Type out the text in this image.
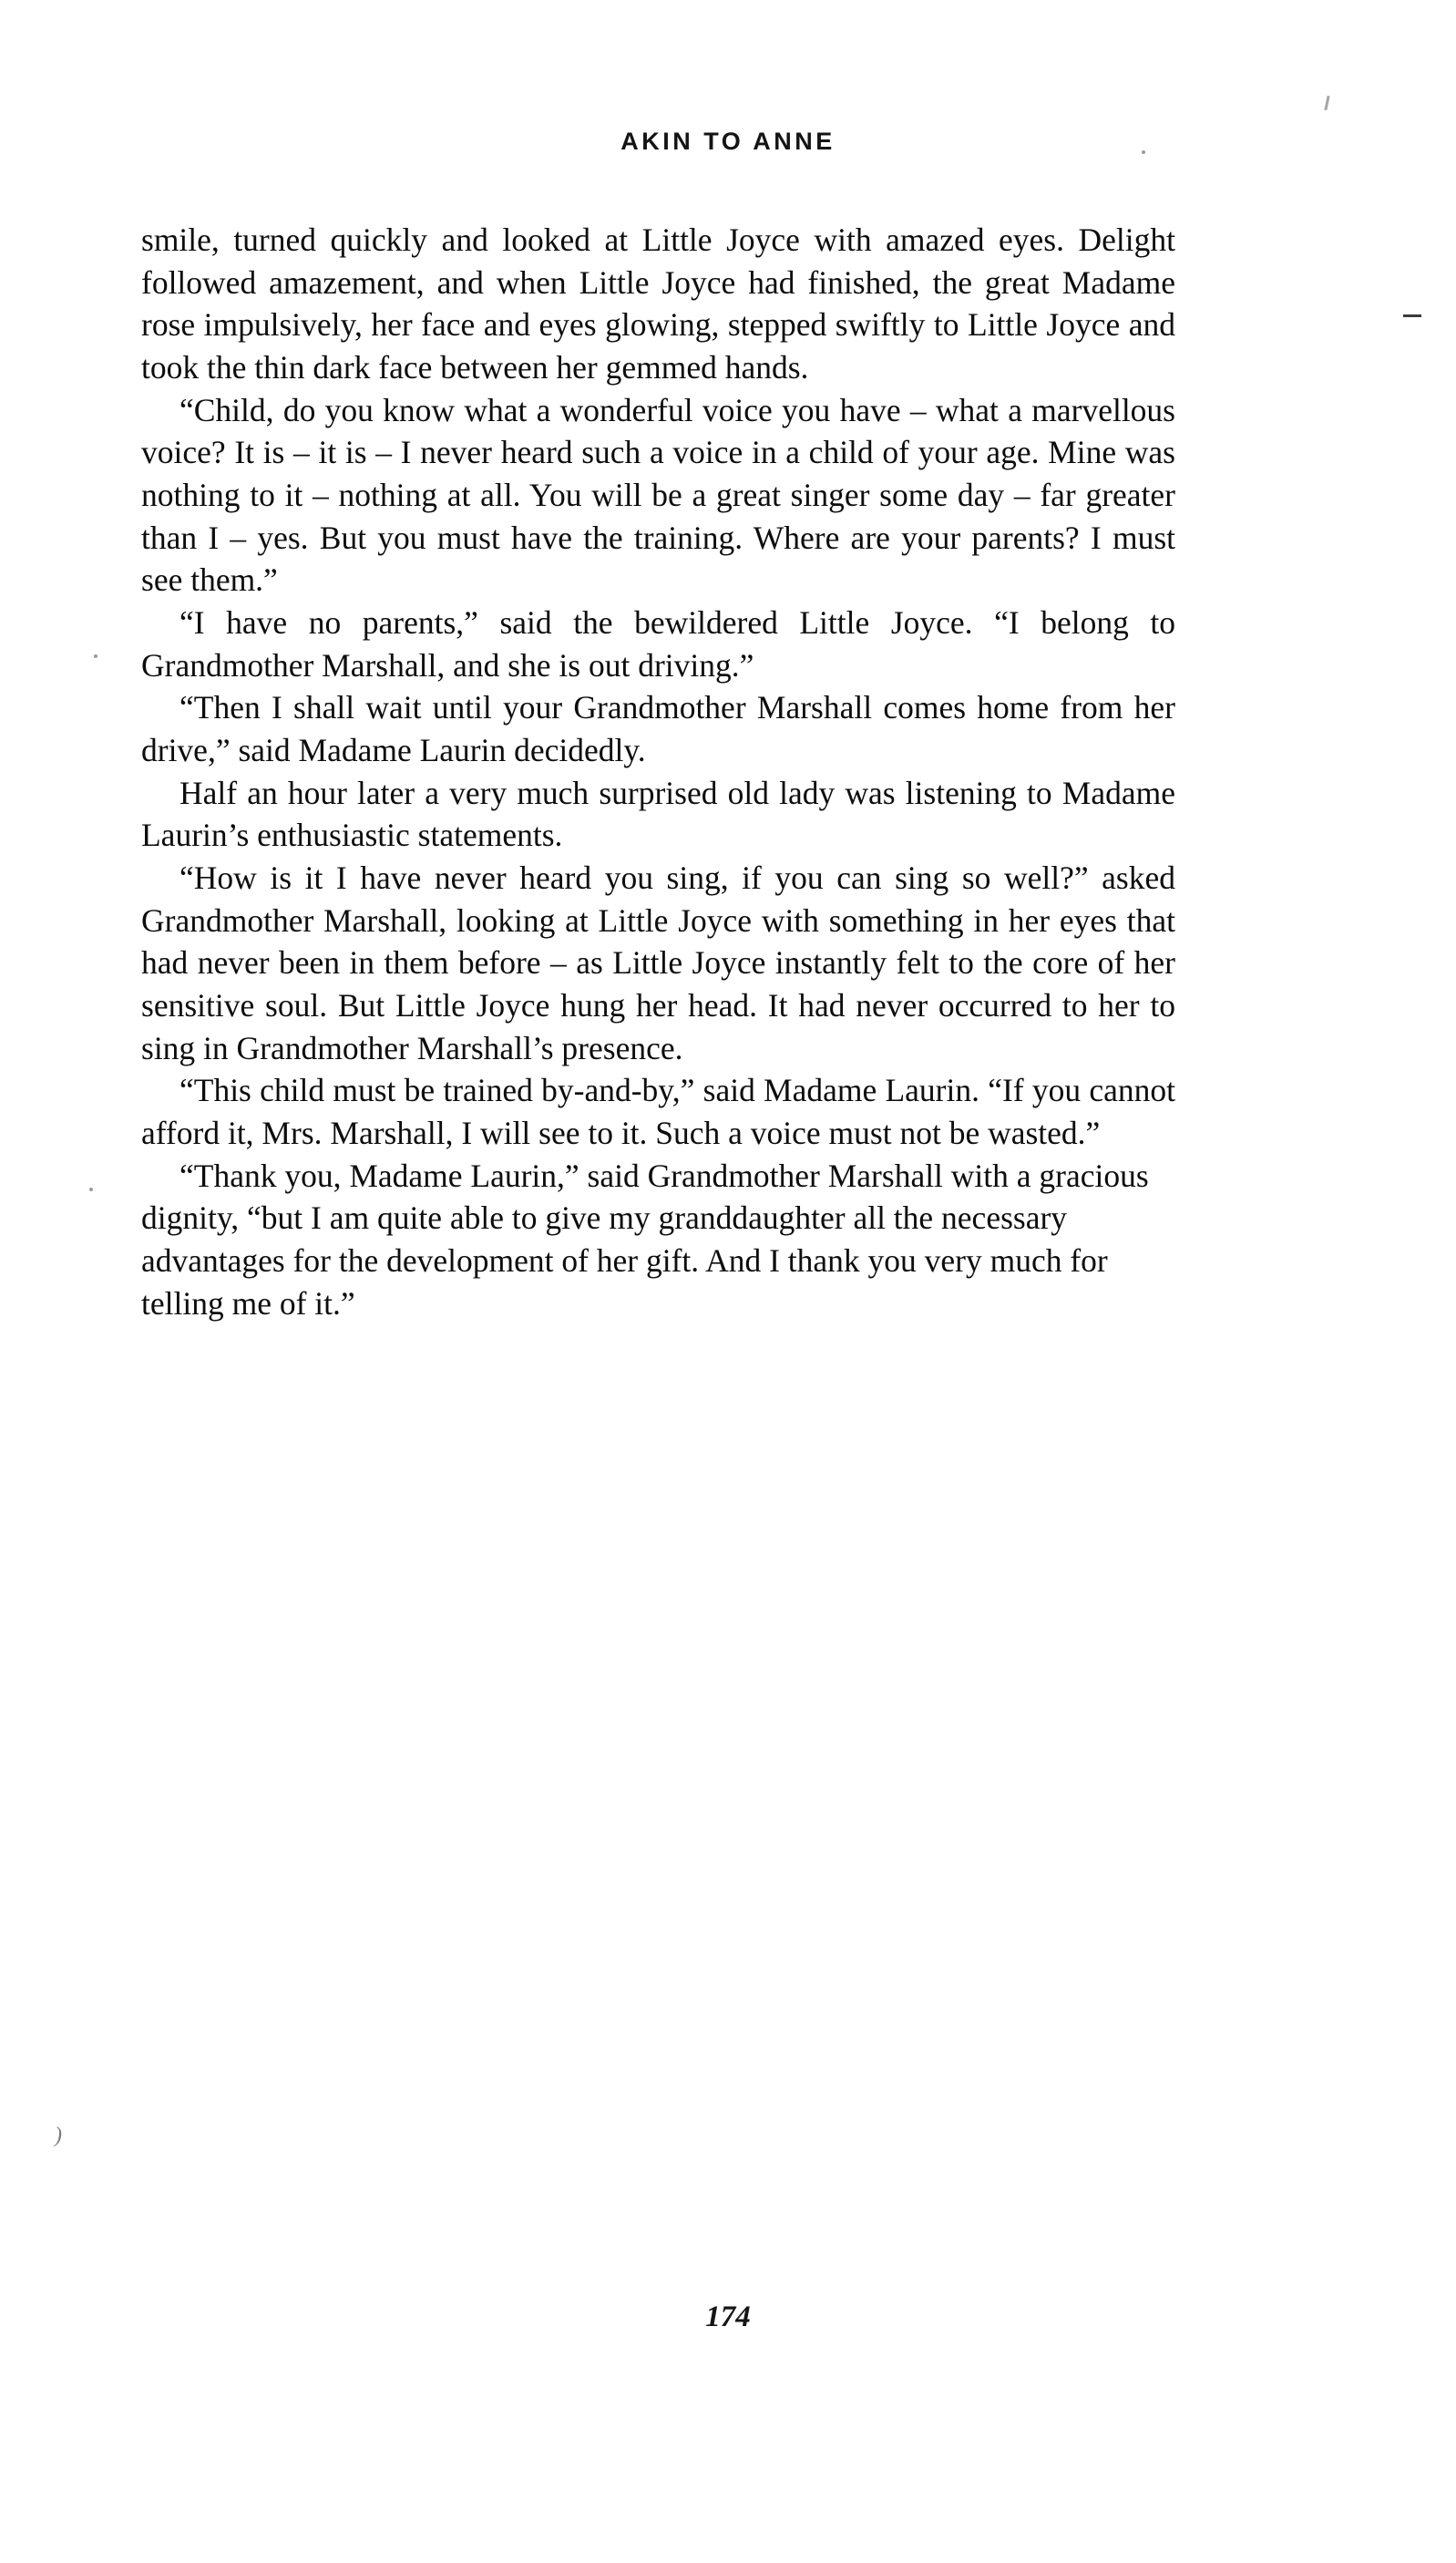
AKIN TO ANNE

smile, turned quickly and looked at Little Joyce with amazed eyes. Delight followed amazement, and when Little Joyce had finished, the great Madame rose impulsively, her face and eyes glowing, stepped swiftly to Little Joyce and took the thin dark face between her gemmed hands.

“Child, do you know what a wonderful voice you have – what a marvellous voice? It is – it is – I never heard such a voice in a child of your age. Mine was nothing to it – nothing at all. You will be a great singer some day – far greater than I – yes. But you must have the training. Where are your parents? I must see them.”

“I have no parents,” said the bewildered Little Joyce. “I belong to Grandmother Marshall, and she is out driving.”

“Then I shall wait until your Grandmother Marshall comes home from her drive,” said Madame Laurin decidedly.

Half an hour later a very much surprised old lady was listening to Madame Laurin’s enthusiastic statements.

“How is it I have never heard you sing, if you can sing so well?” asked Grandmother Marshall, looking at Little Joyce with something in her eyes that had never been in them before – as Little Joyce instantly felt to the core of her sensitive soul. But Little Joyce hung her head. It had never occurred to her to sing in Grandmother Marshall’s presence.

“This child must be trained by-and-by,” said Madame Laurin. “If you cannot afford it, Mrs. Marshall, I will see to it. Such a voice must not be wasted.”

“Thank you, Madame Laurin,” said Grandmother Marshall with a gracious dignity, “but I am quite able to give my granddaughter all the necessary advantages for the development of her gift. And I thank you very much for telling me of it.”

174
 )
